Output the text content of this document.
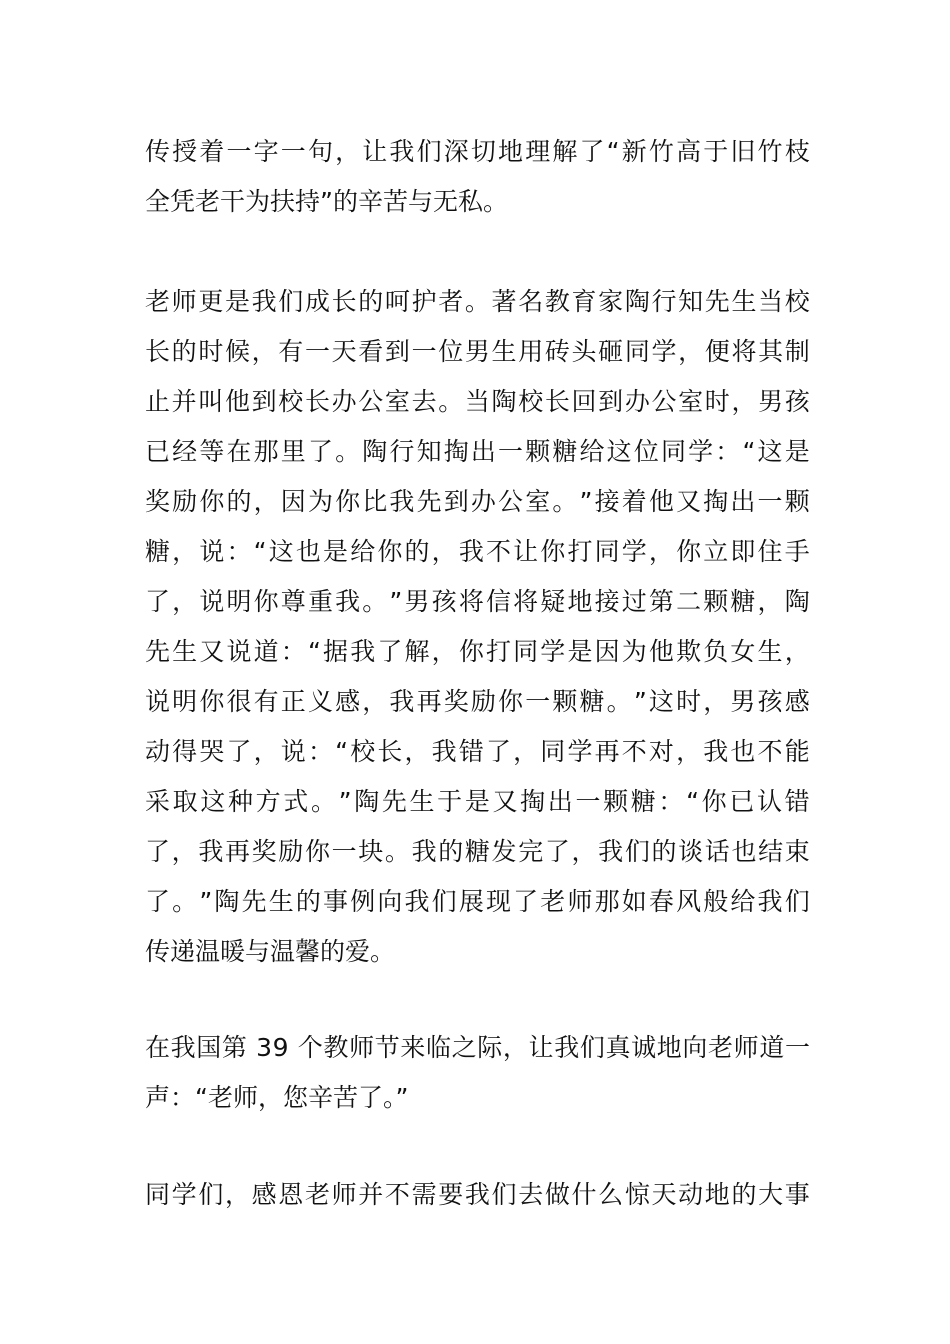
传 授 着 一 字 一 句 ， 让 我 们 深 切 地 理 解 了 “ 新 竹 高 于 旧 竹 枝
全凭老干为扶持”的辛苦与无私。
老 师 更 是 我 们 成 长 的 呵 护 者 。 著 名 教 育 家 陶 行 知 先 生 当 校
长 的 时 候 ， 有 一 天 看 到 一 位 男 生 用 砖 头 砸 同 学 ， 便 将 其 制
止 并 叫 他 到 校 长 办 公 室 去 。 当 陶 校 长 回 到 办 公 室 时 ， 男 孩
已 经 等 在 那 里 了 。 陶 行 知 掏 出 一 颗 糖 给 这 位 同 学 ： “ 这 是
奖 励 你 的 ， 因 为 你 比 我 先 到 办 公 室 。 ” 接 着 他 又 掏 出 一 颗
糖 ， 说 ： “ 这 也 是 给 你 的 ， 我 不 让 你 打 同 学 ， 你 立 即 住 手
了 ， 说 明 你 尊 重 我 。 ” 男 孩 将 信 将 疑 地 接 过 第 二 颗 糖 ， 陶
先 生 又 说 道 ： “ 据 我 了 解 ， 你 打 同 学 是 因 为 他 欺 负 女 生 ，
说 明 你 很 有 正 义 感 ， 我 再 奖 励 你 一 颗 糖 。 ” 这 时 ， 男 孩 感
动 得 哭 了 ， 说 ： “ 校 长 ， 我 错 了 ， 同 学 再 不 对 ， 我 也 不 能
采 取 这 种 方 式 。 ” 陶 先 生 于 是 又 掏 出 一 颗 糖 ： “ 你 已 认 错
了 ， 我 再 奖 励 你 一 块 。 我 的 糖 发 完 了 ， 我 们 的 谈 话 也 结 束
了 。 ” 陶 先 生 的 事 例 向 我 们 展 现 了 老 师 那 如 春 风 般 给 我 们
传递温暖与温馨的爱。
在 我 国 第
3 9
个 教 师 节 来 临 之 际 ， 让 我 们 真 诚 地 向 老 师 道 一
声：“老师，您辛苦了。”
同 学 们 ， 感 恩 老 师 并 不 需 要 我 们 去 做 什 么 惊 天 动 地 的 大 事
